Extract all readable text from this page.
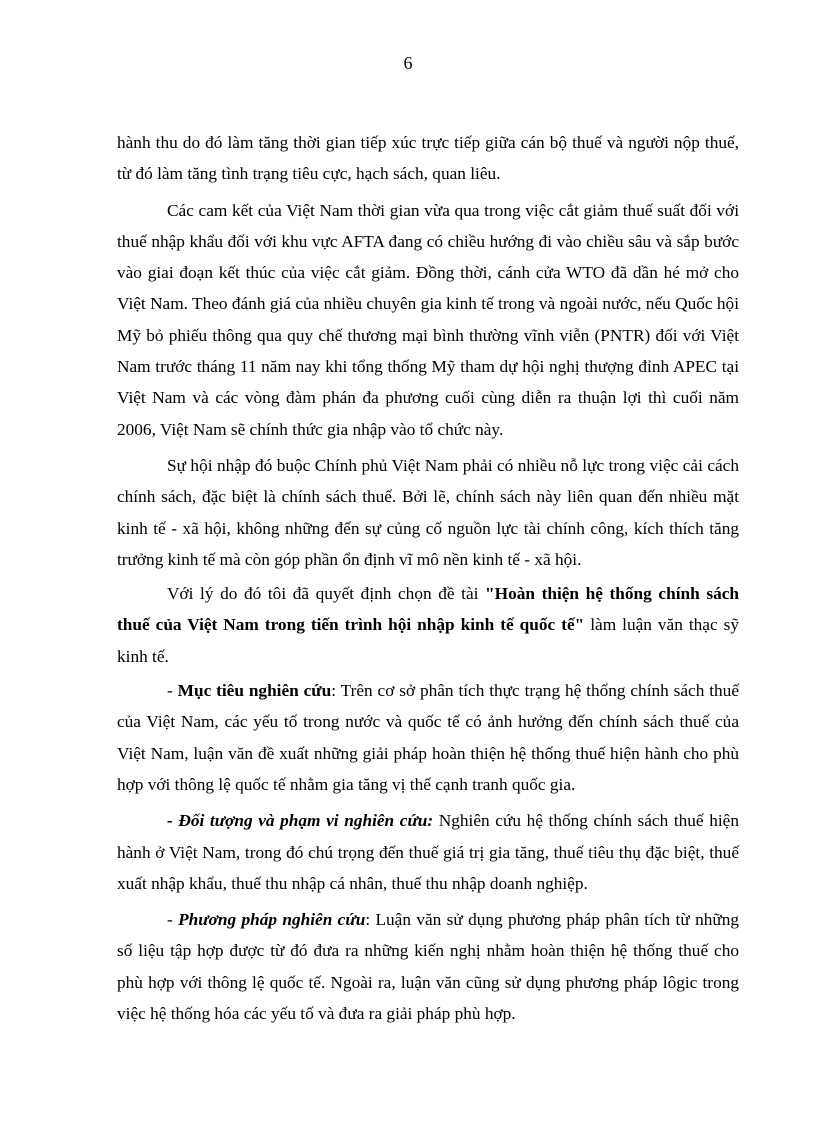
6

hành thu do đó làm tăng thời gian tiếp xúc trực tiếp giữa cán bộ thuế và người nộp thuế, từ đó làm tăng tình trạng tiêu cực, hạch sách, quan liêu.

Các cam kết của Việt Nam thời gian vừa qua trong việc cắt giảm thuế suất đối với thuế nhập khẩu đối với khu vực AFTA đang có chiều hướng đi vào chiều sâu và sắp bước vào giai đoạn kết thúc của việc cắt giảm. Đồng thời, cánh cửa WTO đã dần hé mở cho Việt Nam. Theo đánh giá của nhiều chuyên gia kinh tế trong và ngoài nước, nếu Quốc hội Mỹ bỏ phiếu thông qua quy chế thương mại bình thường vĩnh viễn (PNTR) đối với Việt Nam trước tháng 11 năm nay khi tổng thống Mỹ tham dự hội nghị thượng đỉnh APEC tại Việt Nam và các vòng đàm phán đa phương cuối cùng diễn ra thuận lợi thì cuối năm 2006, Việt Nam sẽ chính thức gia nhập vào tổ chức này.

Sự hội nhập đó buộc Chính phủ Việt Nam phải có nhiều nỗ lực trong việc cải cách chính sách, đặc biệt là chính sách thuế. Bởi lẽ, chính sách này liên quan đến nhiều mặt kinh tế - xã hội, không những đến sự củng cố nguồn lực tài chính công, kích thích tăng trưởng kinh tế mà còn góp phần ổn định vĩ mô nền kinh tế - xã hội.

Với lý do đó tôi đã quyết định chọn đề tài "Hoàn thiện hệ thống chính sách thuế của Việt Nam trong tiến trình hội nhập kinh tế quốc tế" làm luận văn thạc sỹ kinh tế.

- Mục tiêu nghiên cứu: Trên cơ sở phân tích thực trạng hệ thống chính sách thuế của Việt Nam, các yếu tố trong nước và quốc tế có ảnh hưởng đến chính sách thuế của Việt Nam, luận văn đề xuất những giải pháp hoàn thiện hệ thống thuế hiện hành cho phù hợp với thông lệ quốc tế nhằm gia tăng vị thế cạnh tranh quốc gia.

- Đối tượng và phạm vi nghiên cứu: Nghiên cứu hệ thống chính sách thuế hiện hành ở Việt Nam, trong đó chú trọng đến thuế giá trị gia tăng, thuế tiêu thụ đặc biệt, thuế xuất nhập khẩu, thuế thu nhập cá nhân, thuế thu nhập doanh nghiệp.

- Phương pháp nghiên cứu: Luận văn sử dụng phương pháp phân tích từ những số liệu tập hợp được từ đó đưa ra những kiến nghị nhằm hoàn thiện hệ thống thuế cho phù hợp với thông lệ quốc tế. Ngoài ra, luận văn cũng sử dụng phương pháp lôgic trong việc hệ thống hóa các yếu tố và đưa ra giải pháp phù hợp.
